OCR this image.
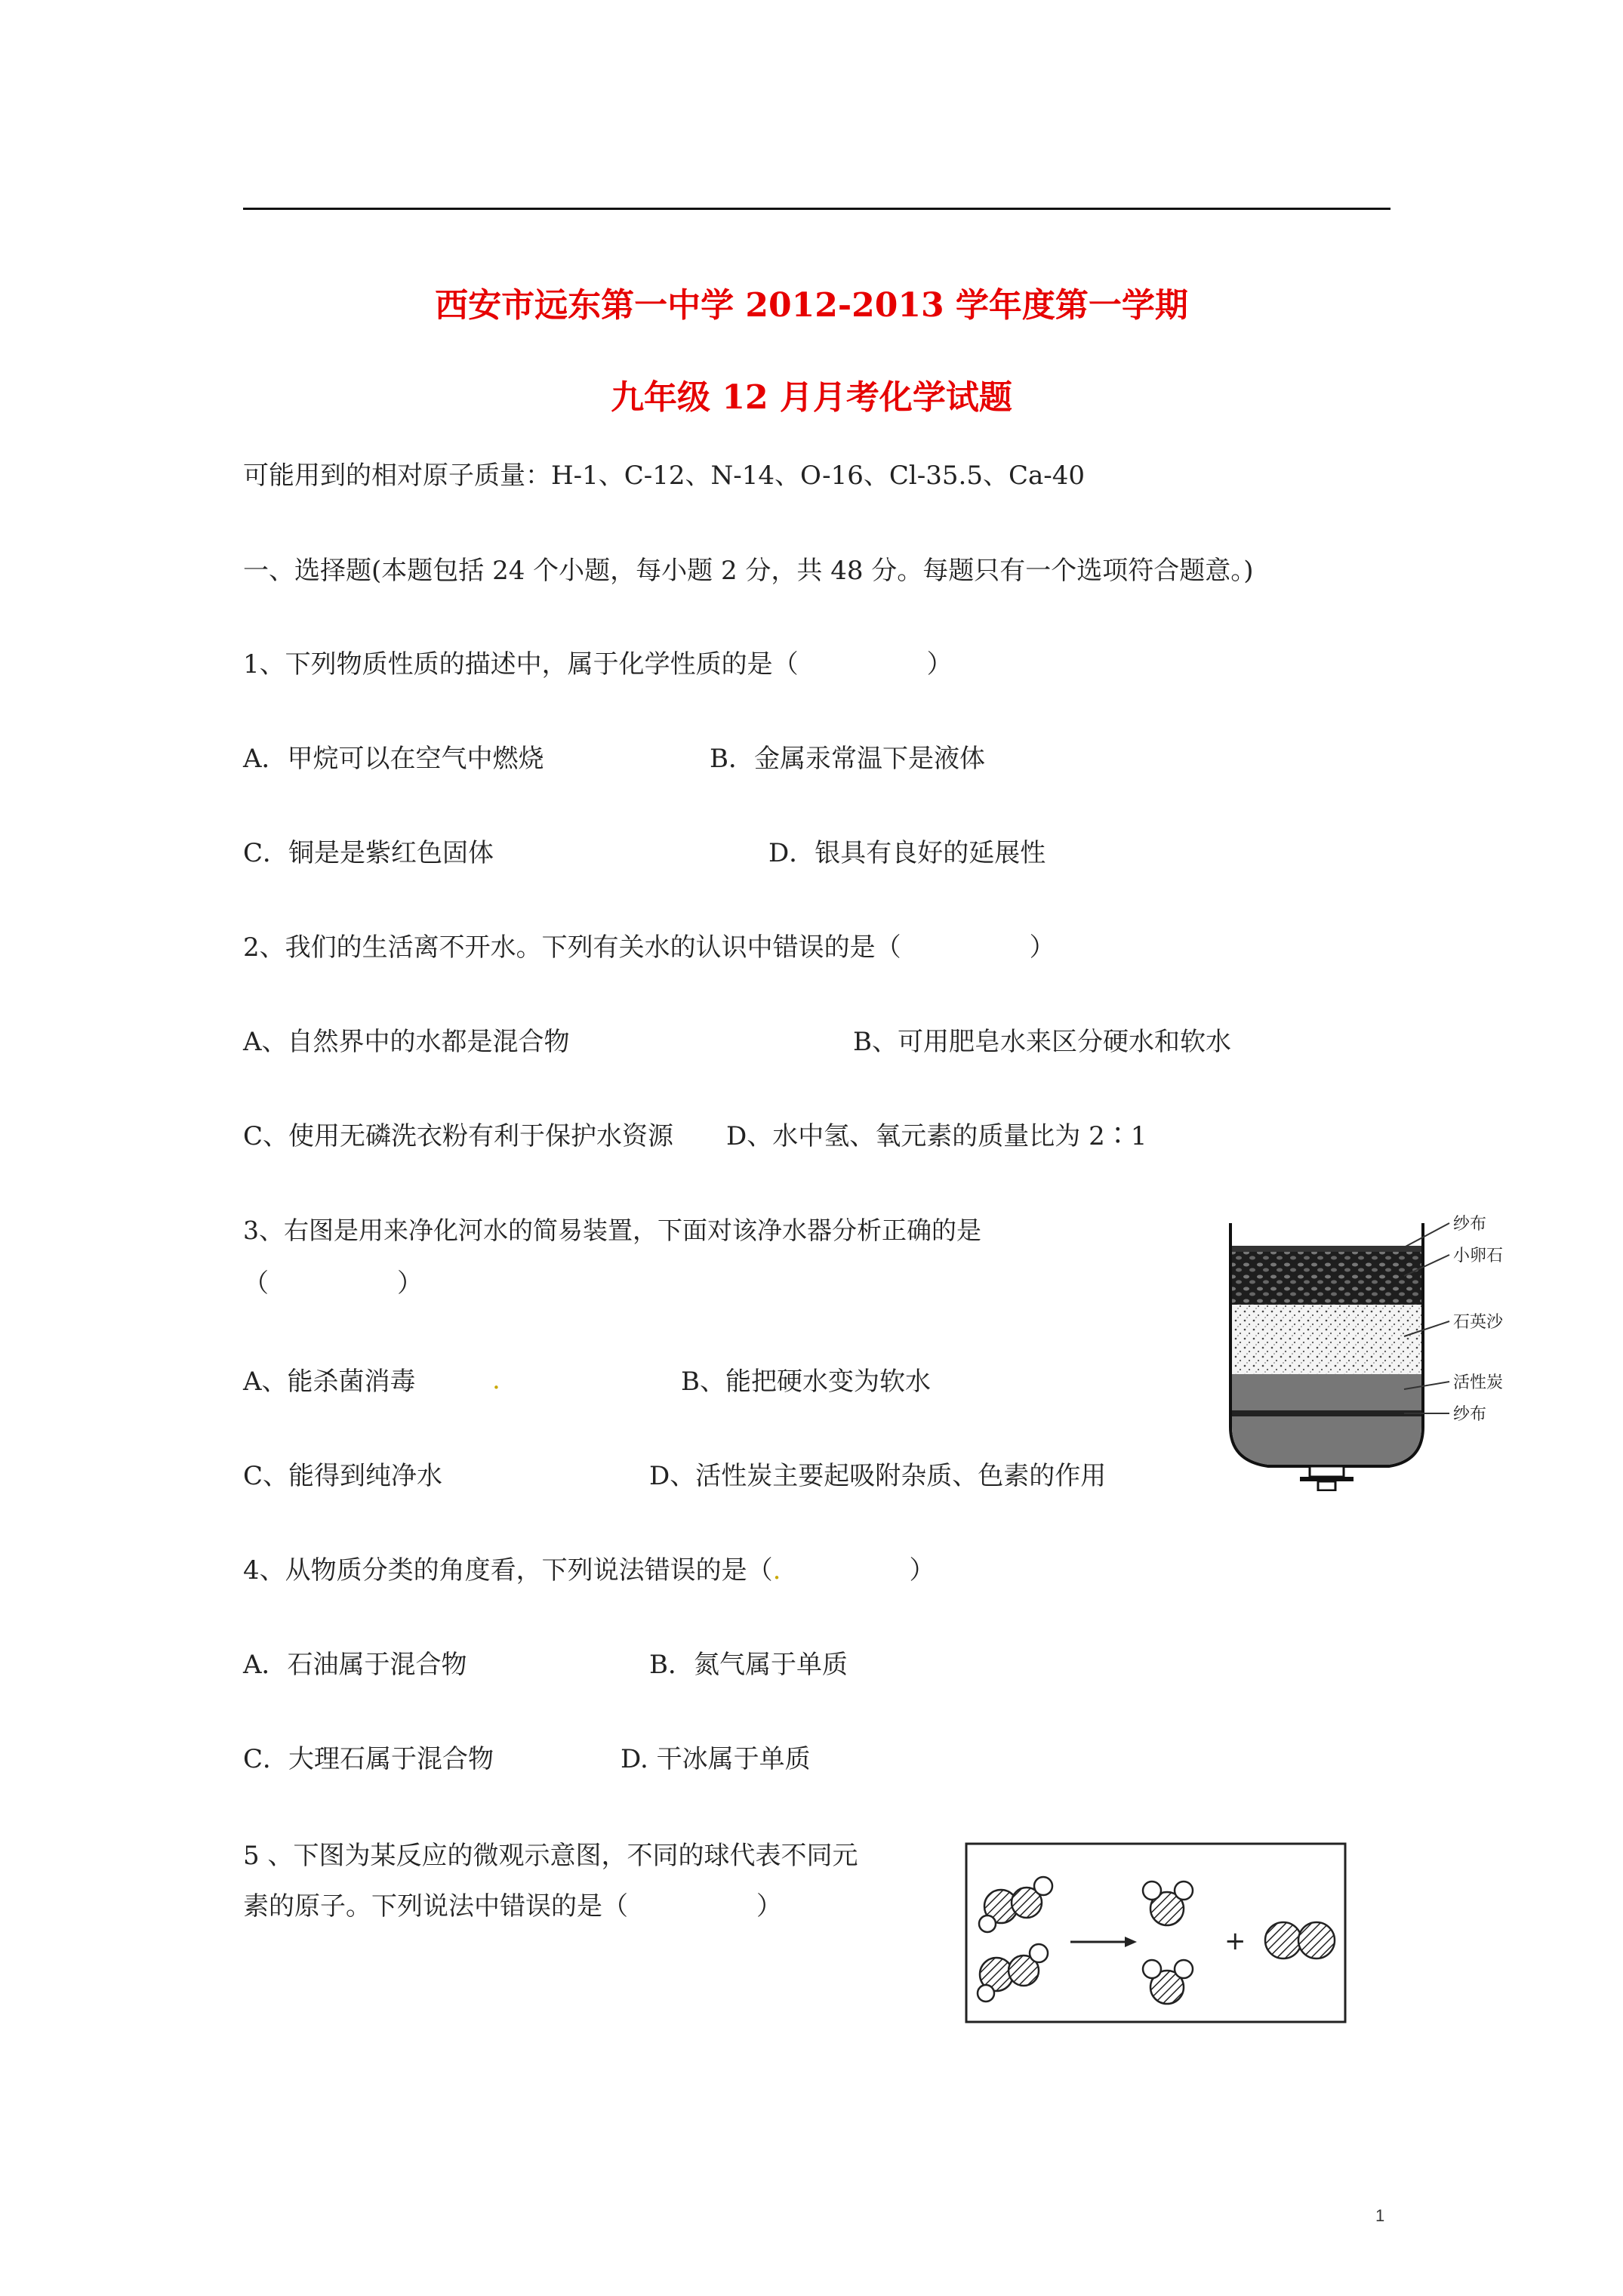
西安市远东第一中学 2012-2013 学年度第一学期
九年级 12 月月考化学试题
可能用到的相对原子质量：H-1、C-12、N-14、O-16、Cl-35.5、Ca-40
一、选择题(本题包括 24 个小题，每小题 2 分，共 48 分。每题只有一个选项符合题意。)
1、下列物质性质的描述中，属于化学性质的是（　　　　　）
A．甲烷可以在空气中燃烧	B．金属汞常温下是液体
C．铜是是紫红色固体	D．银具有良好的延展性
2、我们的生活离不开水。下列有关水的认识中错误的是（　　　　　）
A、自然界中的水都是混合物	B、可用肥皂水来区分硬水和软水
C、使用无磷洗衣粉有利于保护水资源 D、水中氢、氧元素的质量比为 2∶1
3、右图是用来净化河水的简易装置，下面对该净水器分析正确的是
（　　　　　）
A、能杀菌消毒	.	B、能把硬水变为软水
C、能得到纯净水	D、活性炭主要起吸附杂质、色素的作用
纱布
小卵石
石英沙
活性炭
纱布
4、从物质分类的角度看，下列说法错误的是（.　　　　　）
A．石油属于混合物	B．氮气属于单质
C．大理石属于混合物	D. 干冰属于单质
5 、下图为某反应的微观示意图，不同的球代表不同元
素的原子。下列说法中错误的是（　　　　　）
+
1
